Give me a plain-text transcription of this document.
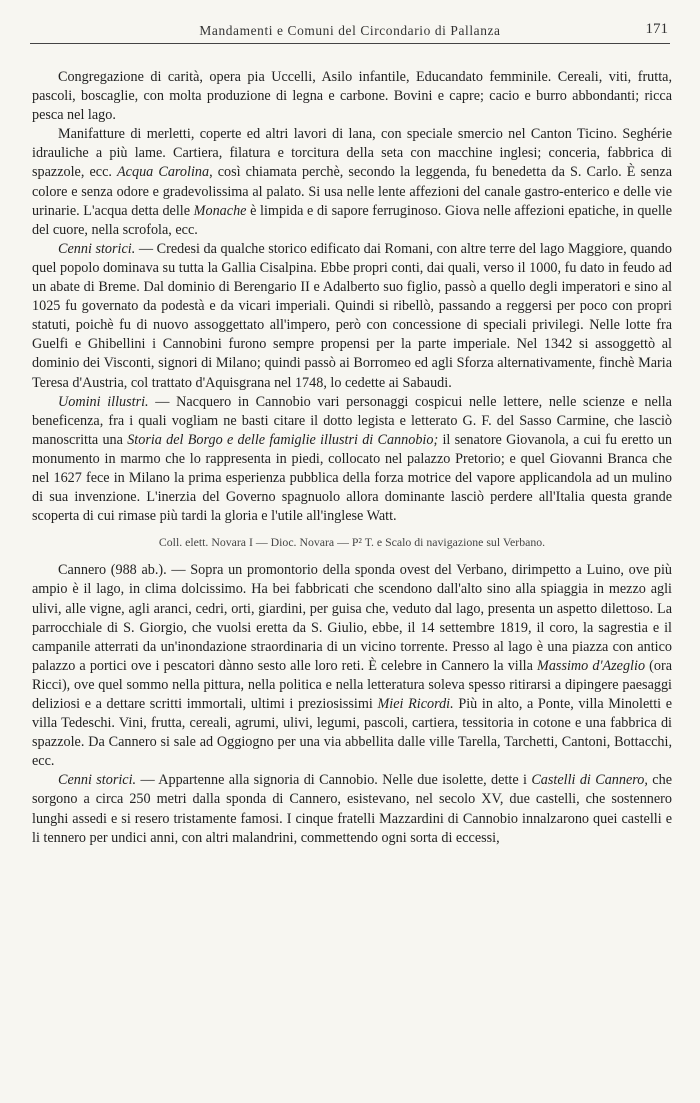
Mandamenti e Comuni del Circondario di Pallanza	171

Congregazione di carità, opera pia Uccelli, Asilo infantile, Educandato femminile. Cereali, viti, frutta, pascoli, boscaglie, con molta produzione di legna e carbone. Bovini e capre; cacio e burro abbondanti; ricca pesca nel lago.

Manifatture di merletti, coperte ed altri lavori di lana, con speciale smercio nel Canton Ticino. Seghérie idrauliche a più lame. Cartiera, filatura e torcitura della seta con macchine inglesi; conceria, fabbrica di spazzole, ecc. Acqua Carolina, così chiamata perchè, secondo la leggenda, fu benedetta da S. Carlo. È senza colore e senza odore e gradevolissima al palato. Si usa nelle lente affezioni del canale gastro-enterico e delle vie urinarie. L'acqua detta delle Monache è limpida e di sapore ferruginoso. Giova nelle affezioni epatiche, in quelle del cuore, nella scrofola, ecc.

Cenni storici. — Credesi da qualche storico edificato dai Romani, con altre terre del lago Maggiore, quando quel popolo dominava su tutta la Gallia Cisalpina. Ebbe propri conti, dai quali, verso il 1000, fu dato in feudo ad un abate di Breme. Dal dominio di Berengario II e Adalberto suo figlio, passò a quello degli imperatori e sino al 1025 fu governato da podestà e da vicari imperiali. Quindi si ribellò, passando a reggersi per poco con propri statuti, poichè fu di nuovo assoggettato all'impero, però con concessione di speciali privilegi. Nelle lotte fra Guelfi e Ghibellini i Cannobini furono sempre propensi per la parte imperiale. Nel 1342 si assoggettò al dominio dei Visconti, signori di Milano; quindi passò ai Borromeo ed agli Sforza alternativamente, finchè Maria Teresa d'Austria, col trattato d'Aquisgrana nel 1748, lo cedette ai Sabaudi.

Uomini illustri. — Nacquero in Cannobio vari personaggi cospicui nelle lettere, nelle scienze e nella beneficenza, fra i quali vogliam ne basti citare il dotto legista e letterato G. F. del Sasso Carmine, che lasciò manoscritta una Storia del Borgo e delle famiglie illustri di Cannobio; il senatore Giovanola, a cui fu eretto un monumento in marmo che lo rappresenta in piedi, collocato nel palazzo Pretorio; e quel Giovanni Branca che nel 1627 fece in Milano la prima esperienza pubblica della forza motrice del vapore applicandola ad un mulino di sua invenzione. L'inerzia del Governo spagnuolo allora dominante lasciò perdere all'Italia questa grande scoperta di cui rimase più tardi la gloria e l'utile all'inglese Watt.

Coll. elett. Novara I — Dioc. Novara — P² T. e Scalo di navigazione sul Verbano.

Cannero (988 ab.). — Sopra un promontorio della sponda ovest del Verbano, dirimpetto a Luino, ove più ampio è il lago, in clima dolcissimo. Ha bei fabbricati che scendono dall'alto sino alla spiaggia in mezzo agli ulivi, alle vigne, agli aranci, cedri, orti, giardini, per guisa che, veduto dal lago, presenta un aspetto dilettoso. La parrocchiale di S. Giorgio, che vuolsi eretta da S. Giulio, ebbe, il 14 settembre 1819, il coro, la sagrestia e il campanile atterrati da un'inondazione straordinaria di un vicino torrente. Presso al lago è una piazza con antico palazzo a portici ove i pescatori dànno sesto alle loro reti. È celebre in Cannero la villa Massimo d'Azeglio (ora Ricci), ove quel sommo nella pittura, nella politica e nella letteratura soleva spesso ritirarsi a dipingere paesaggi deliziosi e a dettare scritti immortali, ultimi i preziosissimi Miei Ricordi. Più in alto, a Ponte, villa Minoletti e villa Tedeschi. Vini, frutta, cereali, agrumi, ulivi, legumi, pascoli, cartiera, tessitoria in cotone e una fabbrica di spazzole. Da Cannero si sale ad Oggiogno per una via abbellita dalle ville Tarella, Tarchetti, Cantoni, Bottacchi, ecc.

Cenni storici. — Appartenne alla signoria di Cannobio. Nelle due isolette, dette i Castelli di Cannero, che sorgono a circa 250 metri dalla sponda di Cannero, esistevano, nel secolo XV, due castelli, che sostennero lunghi assedi e si resero tristamente famosi. I cinque fratelli Mazzardini di Cannobio innalzarono quei castelli e li tennero per undici anni, con altri malandrini, commettendo ogni sorta di eccessi,
